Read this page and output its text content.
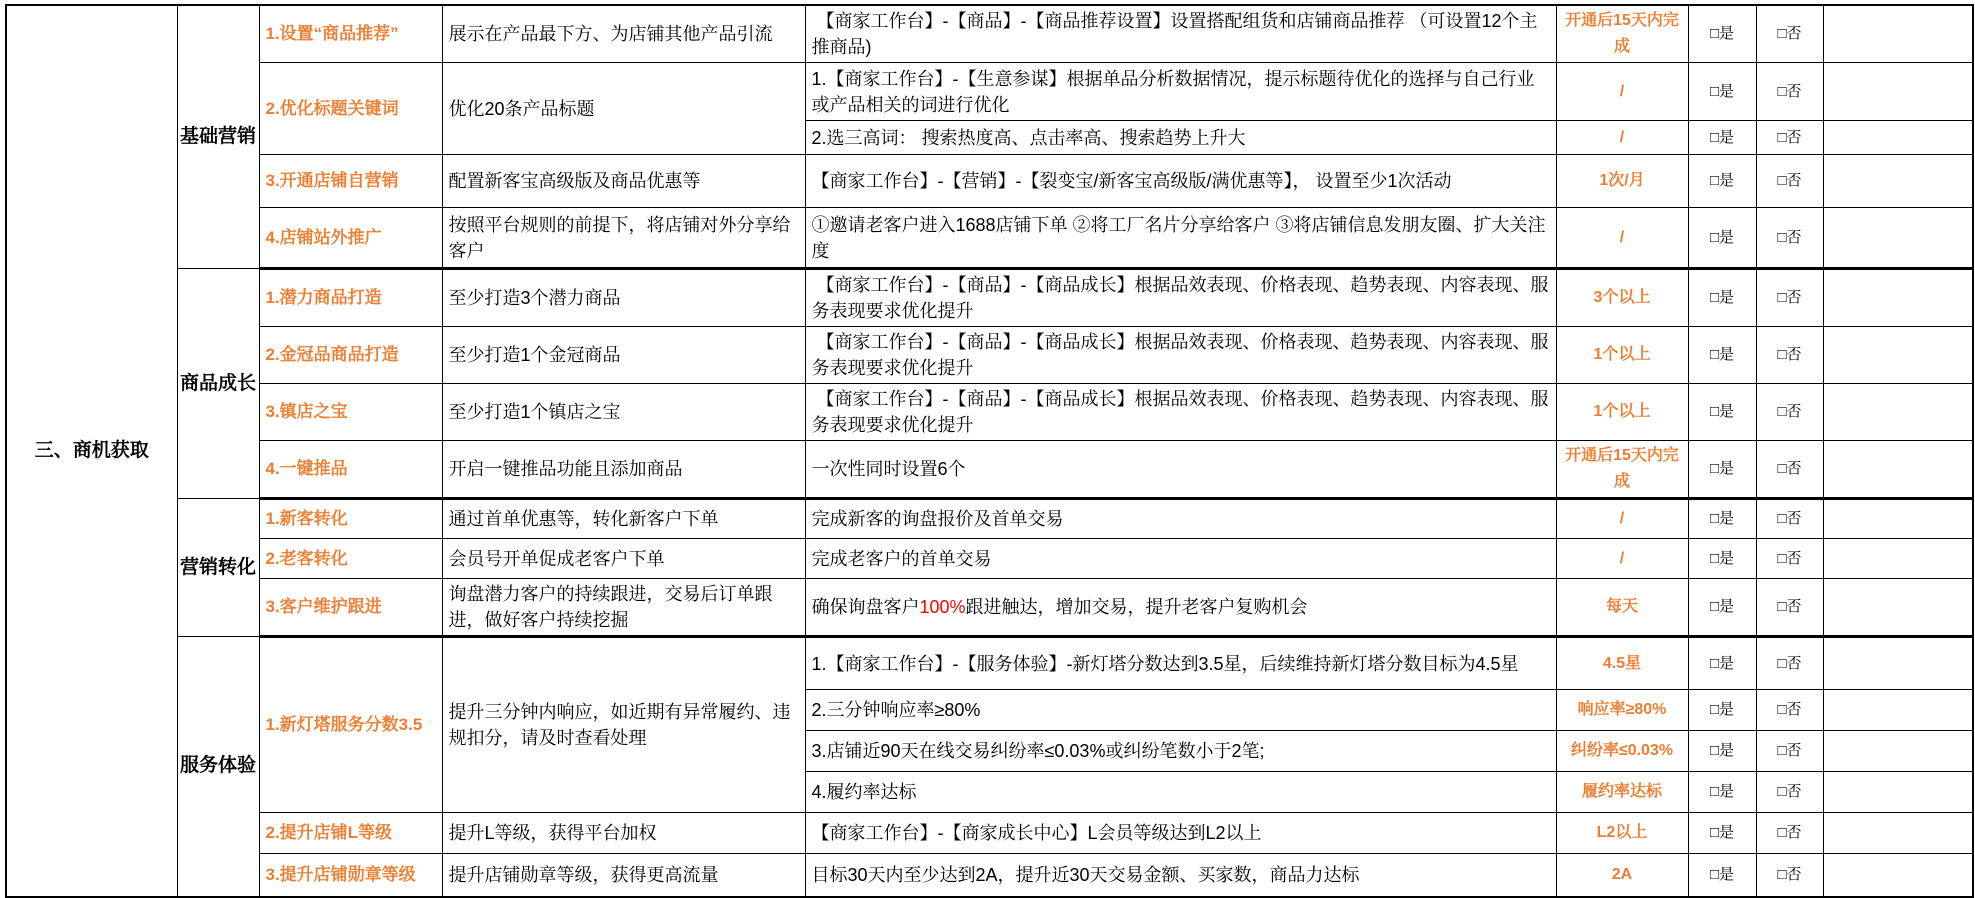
三、商机获取	基础营销	1.设置“商品推荐”	展示在产品最下方、为店铺其他产品引流	【商家工作台】-【商品】-【商品推荐设置】设置搭配组货和店铺商品推荐 （可设置12个主推商品)	开通后15天内完成	□是	□否	
		2.优化标题关键词	优化20条产品标题	1.【商家工作台】-【生意参谋】根据单品分析数据情况，提示标题待优化的选择与自己行业或产品相关的词进行优化	/	□是	□否	
				2.选三高词： 搜索热度高、点击率高、搜索趋势上升大	/	□是	□否	
		3.开通店铺自营销	配置新客宝高级版及商品优惠等	【商家工作台】-【营销】-【裂变宝/新客宝高级版/满优惠等】， 设置至少1次活动	1次/月	□是	□否	
		4.店铺站外推广	按照平台规则的前提下，将店铺对外分享给客户	①邀请老客户进入1688店铺下单 ②将工厂名片分享给客户 ③将店铺信息发朋友圈、扩大关注度	/	□是	□否	
	商品成长	1.潜力商品打造	至少打造3个潜力商品	【商家工作台】-【商品】-【商品成长】根据品效表现、价格表现、趋势表现、内容表现、服务表现要求优化提升	3个以上	□是	□否	
		2.金冠品商品打造	至少打造1个金冠商品	【商家工作台】-【商品】-【商品成长】根据品效表现、价格表现、趋势表现、内容表现、服务表现要求优化提升	1个以上	□是	□否	
		3.镇店之宝	至少打造1个镇店之宝	【商家工作台】-【商品】-【商品成长】根据品效表现、价格表现、趋势表现、内容表现、服务表现要求优化提升	1个以上	□是	□否	
		4.一键推品	开启一键推品功能且添加商品	一次性同时设置6个	开通后15天内完成	□是	□否	
	营销转化	1.新客转化	通过首单优惠等，转化新客户下单	完成新客的询盘报价及首单交易	/	□是	□否	
		2.老客转化	会员号开单促成老客户下单	完成老客户的首单交易	/	□是	□否	
		3.客户维护跟进	询盘潜力客户的持续跟进，交易后订单跟进，做好客户持续挖掘	确保询盘客户100%跟进触达，增加交易，提升老客户复购机会	每天	□是	□否	
	服务体验	1.新灯塔服务分数3.5	提升三分钟内响应，如近期有异常履约、违规扣分，请及时查看处理	1.【商家工作台】-【服务体验】-新灯塔分数达到3.5星，后续维持新灯塔分数目标为4.5星	4.5星	□是	□否	
				2.三分钟响应率≥80%	响应率≥80%	□是	□否	
				3.店铺近90天在线交易纠纷率≤0.03%或纠纷笔数小于2笔;	纠纷率≤0.03%	□是	□否	
				4.履约率达标	履约率达标	□是	□否	
		2.提升店铺L等级	提升L等级，获得平台加权	【商家工作台】-【商家成长中心】L会员等级达到L2以上	L2以上	□是	□否	
		3.提升店铺勋章等级	提升店铺勋章等级，获得更高流量	目标30天内至少达到2A，提升近30天交易金额、买家数，商品力达标	2A	□是	□否	
